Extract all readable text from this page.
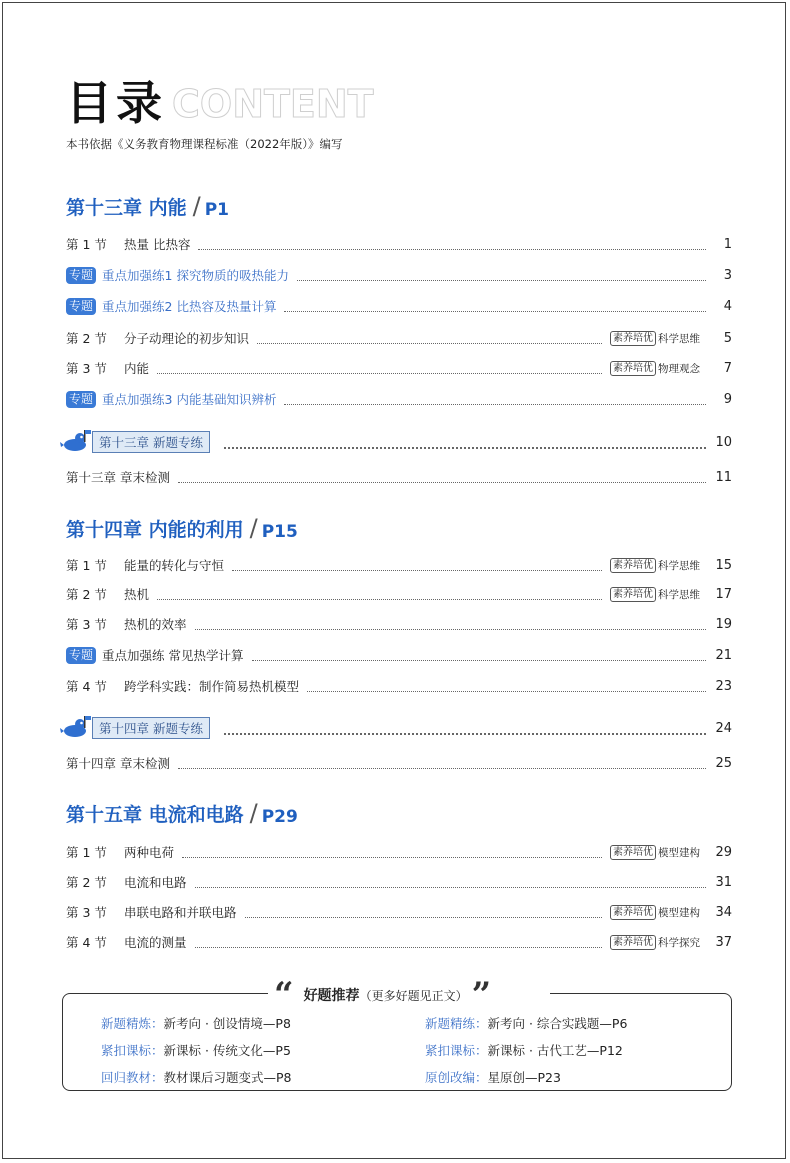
CONTENT
目录
本书依据《义务教育物理课程标准（2022年版）》编写
第十三章 内能 / P1
第 1 节	热量 比热容	1
专题 重点加强练1 探究物质的吸热能力	3
专题 重点加强练2 比热容及热量计算	4
第 2 节	分子动理论的初步知识	素养培优 科学思维	5
第 3 节	内能	素养培优 物理观念	7
专题 重点加强练3 内能基础知识辨析	9
第十三章 新题专练	10
第十三章 章末检测	11
第十四章 内能的利用 / P15
第 1 节	能量的转化与守恒	素养培优 科学思维 15
第 2 节	热机	素养培优 科学思维 17
第 3 节	热机的效率	19
专题 重点加强练 常见热学计算	21
第 4 节	跨学科实践：制作简易热机模型	23
第十四章 新题专练	24
第十四章 章末检测	25
第十五章 电流和电路 / P29
第 1 节	两种电荷	素养培优 模型建构 29
第 2 节	电流和电路	31
第 3 节	串联电路和并联电路	素养培优 模型建构 34
第 4 节	电流的测量	素养培优 科学探究 37
新题精炼：新考向 · 创设情境—P8	新题精练：新考向 · 综合实践题—P6
紧扣课标：新课标 · 传统文化—P5	紧扣课标：新课标 · 古代工艺—P12
回归教材：教材课后习题变式—P8	原创改编：星原创—P23
“ 好题推荐 （更多好题见正文） ”
